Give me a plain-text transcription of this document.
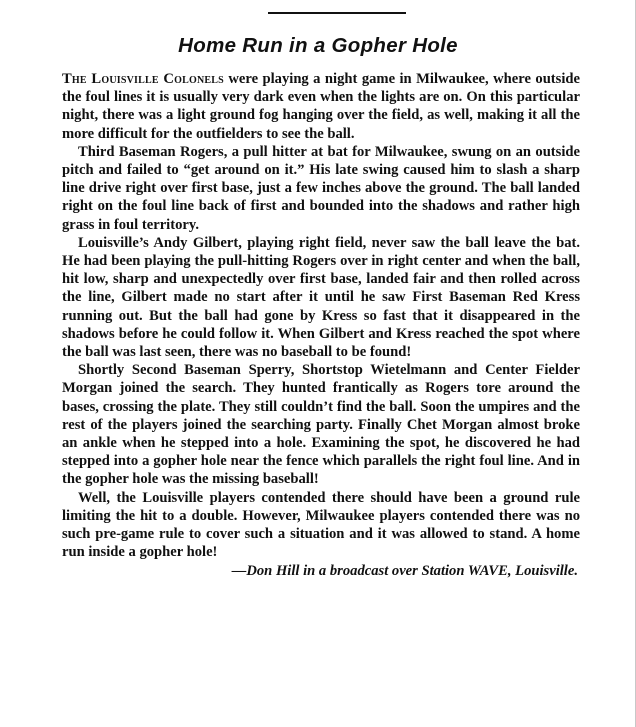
Home Run in a Gopher Hole

The Louisville Colonels were playing a night game in Milwaukee, where outside the foul lines it is usually very dark even when the lights are on. On this particular night, there was a light ground fog hanging over the field, as well, making it all the more difficult for the outfielders to see the ball.

Third Baseman Rogers, a pull hitter at bat for Milwaukee, swung on an outside pitch and failed to “get around on it.” His late swing caused him to slash a sharp line drive right over first base, just a few inches above the ground. The ball landed right on the foul line back of first and bounded into the shadows and rather high grass in foul territory.

Louisville’s Andy Gilbert, playing right field, never saw the ball leave the bat. He had been playing the pull-hitting Rogers over in right center and when the ball, hit low, sharp and unexpectedly over first base, landed fair and then rolled across the line, Gilbert made no start after it until he saw First Baseman Red Kress running out. But the ball had gone by Kress so fast that it disappeared in the shadows before he could follow it. When Gilbert and Kress reached the spot where the ball was last seen, there was no baseball to be found!

Shortly Second Baseman Sperry, Shortstop Wietelmann and Center Fielder Morgan joined the search. They hunted frantically as Rogers tore around the bases, crossing the plate. They still couldn’t find the ball. Soon the umpires and the rest of the players joined the searching party. Finally Chet Morgan almost broke an ankle when he stepped into a hole. Examining the spot, he discovered he had stepped into a gopher hole near the fence which parallels the right foul line. And in the gopher hole was the missing baseball!

Well, the Louisville players contended there should have been a ground rule limiting the hit to a double. However, Milwaukee players contended there was no such pre-game rule to cover such a situation and it was allowed to stand. A home run inside a gopher hole!

—Don Hill in a broadcast over Station WAVE, Louisville.
